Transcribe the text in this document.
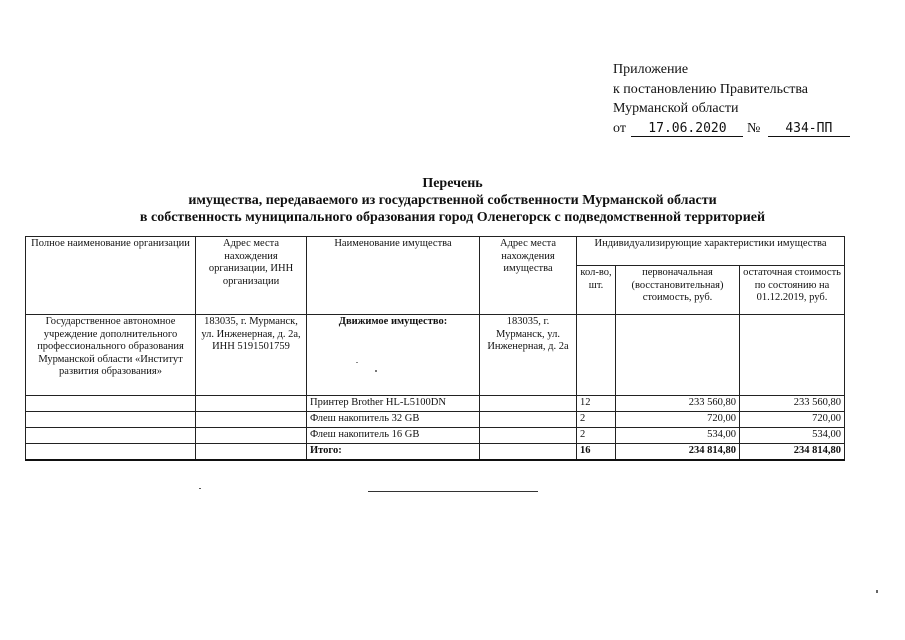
Приложение
к постановлению Правительства
Мурманской области
от 17.06.2020 № 434-ПП
Перечень
имущества, передаваемого из государственной собственности Мурманской области
в собственность муниципального образования город Оленегорск с подведомственной территорией
Полное наименование организации	Адрес места нахождения организации, ИНН организации	Наименование имущества	Адрес места нахождения имущества	Индивидуализирующие характеристики имущества		
				кол-во, шт.	первоначальная (восстановительная) стоимость, руб.	остаточная стоимость по состоянию на 01.12.2019, руб.
Государственное автономное учреждение дополнительного профессионального образования Мурманской области «Институт развития образования»	183035, г. Мурманск, ул. Инженерная, д. 2а, ИНН 5191501759	Движимое имущество:	183035, г. Мурманск, ул. Инженерная, д. 2а			
		Принтер Brother HL-L5100DN		12	233 560,80	233 560,80
		Флеш накопитель 32 GB		2	720,00	720,00
		Флеш накопитель 16 GB		2	534,00	534,00
		Итого:		16	234 814,80	234 814,80
